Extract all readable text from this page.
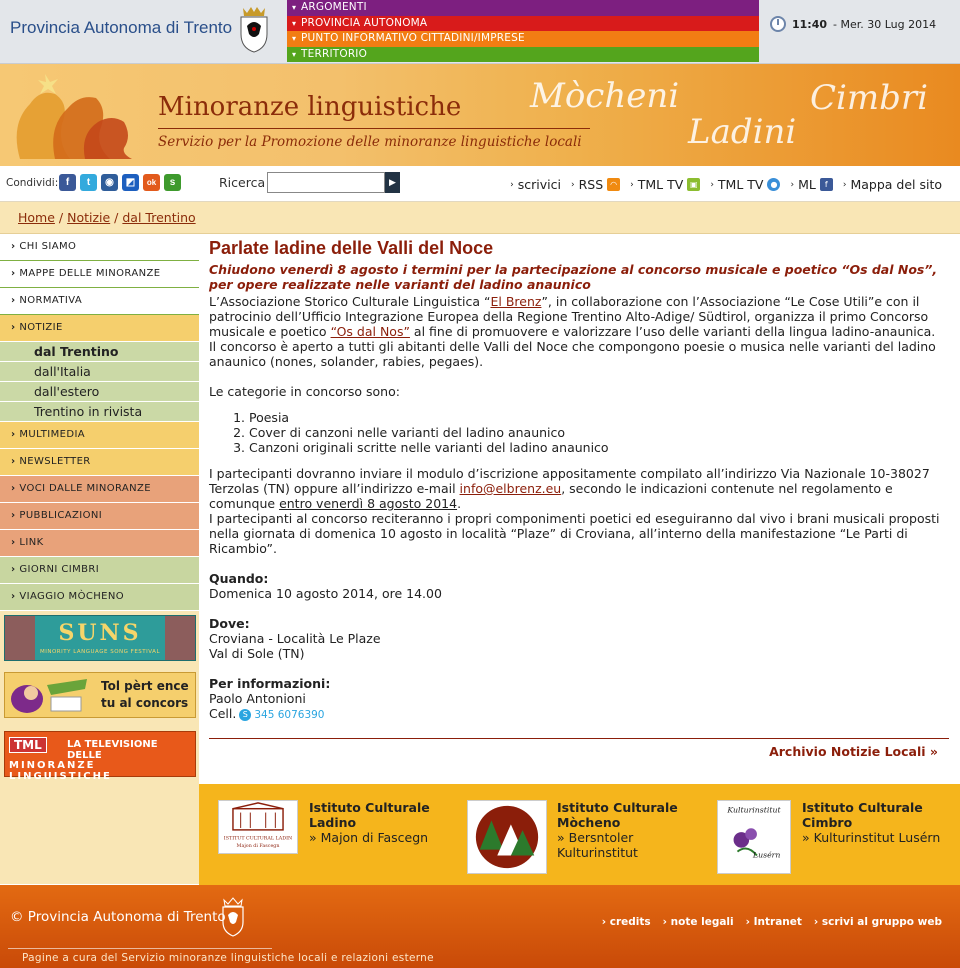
Provincia Autonoma di Trento
▾ ARGOMENTI
▾ PROVINCIA AUTONOMA
▾ PUNTO INFORMATIVO CITTADINI/IMPRESE
▾ TERRITORIO
11:40 - Mer. 30 Lug 2014
Minoranze linguistiche
Servizio per la Promozione delle minoranze linguistiche locali
Mòcheni
Ladini
Cimbri
Condividi: f	t	◉	◩	ok	s	Ricerca	▶	› scrivici › RSS ◠	› TML TV ▣	› TML TV ●	› ML	f	› Mappa del sito
Home / Notizie / dal Trentino
› CHI SIAMO
› MAPPE DELLE MINORANZE
› NORMATIVA
› NOTIZIE
dal Trentino
dall'Italia
dall'estero
Trentino in rivista
› MULTIMEDIA
› NEWSLETTER
› VOCI DALLE MINORANZE
› PUBBLICAZIONI
› LINK
› GIORNI CIMBRI
› VIAGGIO MÒCHENO
SUNS
MINORITY LANGUAGE SONG FESTIVAL
Tol pèrt ence tu al concors
TML	LA TELEVISIONE DELLE
MINORANZE LINGUISTICHE
Parlate ladine delle Valli del Noce
Chiudono venerdì 8 agosto i termini per la partecipazione al concorso musicale e poetico “Os dal Nos”, per opere realizzate nelle varianti del ladino anaunico
L’Associazione Storico Culturale Linguistica “El Brenz”, in collaborazione con l’Associazione “Le Cose Utili”e con il patrocinio dell’Ufficio Integrazione Europea della Regione Trentino Alto-Adige/ Südtirol, organizza il primo Concorso musicale e poetico “Os dal Nos” al fine di promuovere e valorizzare l’uso delle varianti della lingua ladino-anaunica.
Il concorso è aperto a tutti gli abitanti delle Valli del Noce che compongono poesie o musica nelle varianti del ladino anaunico (nones, solander, rabies, pegaes).
Le categorie in concorso sono:
1. Poesia
2. Cover di canzoni nelle varianti del ladino anaunico
3. Canzoni originali scritte nelle varianti del ladino anaunico
I partecipanti dovranno inviare il modulo d’iscrizione appositamente compilato all’indirizzo Via Nazionale 10-38027 Terzolas (TN) oppure all’indirizzo e-mail info@elbrenz.eu, secondo le indicazioni contenute nel regolamento e comunque entro venerdì 8 agosto 2014.
I partecipanti al concorso reciteranno i propri componimenti poetici ed eseguiranno dal vivo i brani musicali proposti nella giornata di domenica 10 agosto in località “Plaze” di Croviana, all’interno della manifestazione “Le Parti di Ricambio”.
Quando:
Domenica 10 agosto 2014, ore 14.00
Dove:
Croviana - Località Le Plaze
Val di Sole (TN)
Per informazioni:
Paolo Antonioni
Cell. S 345 6076390
Archivio Notizie Locali »
ISTITUT CULTURAL LADIN
Majon di Fascegn
Istituto Culturale Ladino
» Majon di Fascegn
Istituto Culturale Mòcheno
» Bersntoler Kulturinstitut
Kulturinstitut
Lusérn
Istituto Culturale Cimbro
» Kulturinstitut Lusérn
© Provincia Autonoma di Trento	› credits › note legali › Intranet › scrivi al gruppo web
Pagine a cura del Servizio minoranze linguistiche locali e relazioni esterne
